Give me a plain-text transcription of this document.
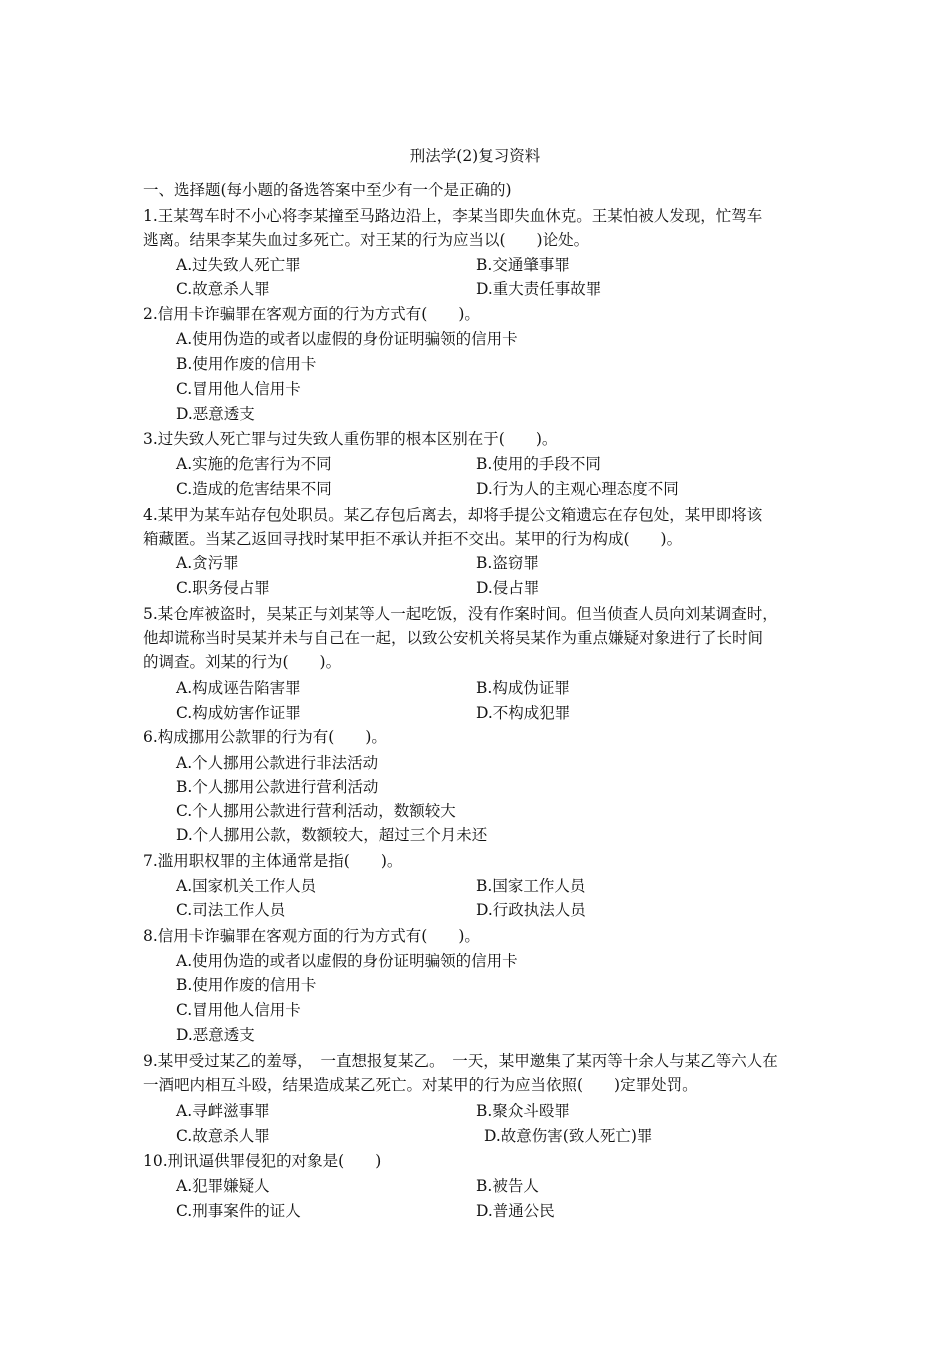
刑法学(2)复习资料
一、选择题(每小题的备选答案中至少有一个是正确的)
1.王某驾车时不小心将李某撞至马路边沿上，李某当即失血休克。王某怕被人发现，忙驾车
逃离。结果李某失血过多死亡。对王某的行为应当以(　　)论处。
A.过失致人死亡罪	B.交通肇事罪
C.故意杀人罪	D.重大责任事故罪
2.信用卡诈骗罪在客观方面的行为方式有(　　)。
A.使用伪造的或者以虚假的身份证明骗领的信用卡
B.使用作废的信用卡
C.冒用他人信用卡
D.恶意透支
3.过失致人死亡罪与过失致人重伤罪的根本区别在于(　　)。
A.实施的危害行为不同	B.使用的手段不同
C.造成的危害结果不同	D.行为人的主观心理态度不同
4.某甲为某车站存包处职员。某乙存包后离去，却将手提公文箱遗忘在存包处，某甲即将该
箱藏匿。当某乙返回寻找时某甲拒不承认并拒不交出。某甲的行为构成(　　)。
A.贪污罪	B.盗窃罪
C.职务侵占罪	D.侵占罪
5.某仓库被盗时，吴某正与刘某等人一起吃饭，没有作案时间。但当侦查人员向刘某调查时，
他却谎称当时吴某并未与自己在一起，以致公安机关将吴某作为重点嫌疑对象进行了长时间
的调查。刘某的行为(　　)。
A.构成诬告陷害罪	B.构成伪证罪
C.构成妨害作证罪	D.不构成犯罪
6.构成挪用公款罪的行为有(　　)。
A.个人挪用公款进行非法活动
B.个人挪用公款进行营利活动
C.个人挪用公款进行营利活动，数额较大
D.个人挪用公款，数额较大，超过三个月未还
7.滥用职权罪的主体通常是指(　　)。
A.国家机关工作人员	B.国家工作人员
C.司法工作人员	D.行政执法人员
8.信用卡诈骗罪在客观方面的行为方式有(　　)。
A.使用伪造的或者以虚假的身份证明骗领的信用卡
B.使用作废的信用卡
C.冒用他人信用卡
D.恶意透支
9.某甲受过某乙的羞辱，　一直想报复某乙。　一天，某甲邀集了某丙等十余人与某乙等六人在
一酒吧内相互斗殴，结果造成某乙死亡。对某甲的行为应当依照(　　)定罪处罚。
A.寻衅滋事罪	B.聚众斗殴罪
C.故意杀人罪	D.故意伤害(致人死亡)罪
10.刑讯逼供罪侵犯的对象是(　　)
A.犯罪嫌疑人	B.被告人
C.刑事案件的证人	D.普通公民
